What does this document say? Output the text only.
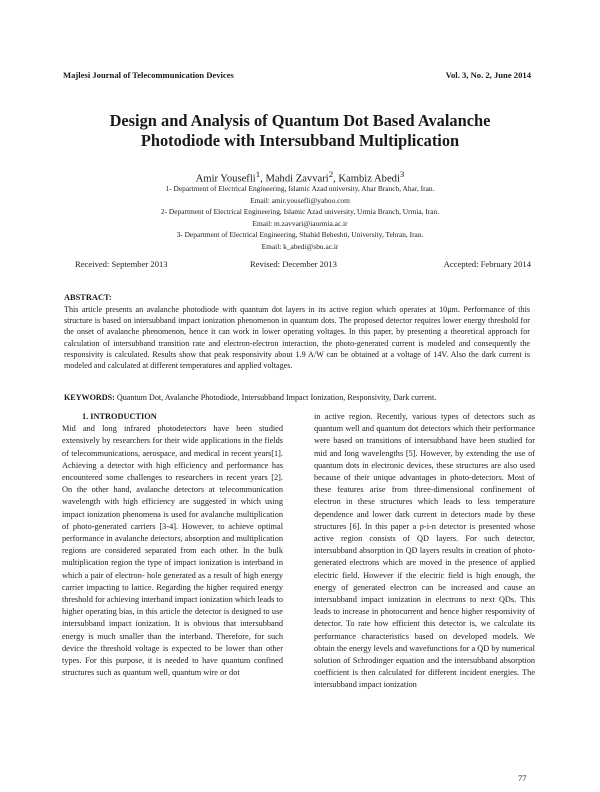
Majlesi Journal of Telecommunication Devices	Vol. 3, No. 2, June 2014
Design and Analysis of Quantum Dot Based Avalanche
Photodiode with Intersubband Multiplication
Amir Yousefli$^1$, Mahdi Zavvari$^2$, Kambiz Abedi$^3$
1- Department of Electrical Engineering, Islamic Azad university, Ahar Branch, Ahar, Iran.
Email: amir.yousefli@yahoo.com
2- Department of Electrical Engineering, Islamic Azad university, Urmia Branch, Urmia, Iran.
Email: m.zavvari@iaurmia.ac.ir
3- Department of Electrical Engineering, Shahid Beheshti, University, Tehran, Iran.
Email: k_abedi@sbu.ac.ir
Received: September 2013	Revised: December 2013	Accepted: February 2014
ABSTRACT:
This article presents an avalanche photodiode with quantum dot layers in its active region which operates at 10μm. Performance of this structure is based on intersubband impact ionization phenomenon in quantum dots. The proposed detector requires lower energy threshold for the onset of avalanche phenomenon, hence it can work in lower operating voltages. In this paper, by presenting a theoretical approach for calculation of intersubband transition rate and electron-electron interaction, the photo-generated current is modeled and consequently the responsivity is calculated. Results show that peak responsivity about 1.9 A/W can be obtained at a voltage of 14V. Also the dark current is modeled and calculated at different temperatures and applied voltages.
KEYWORDS: Quantum Dot, Avalanche Photodiode, Intersubband Impact Ionization, Responsivity, Dark current.
1. INTRODUCTION
Mid and long infrared photodetectors have been studied extensively by researchers for their wide applications in the fields of telecommunications, aerospace, and medical in recent years[1]. Achieving a detector with high efficiency and performance has encountered some challenges to researchers in recent years [2]. On the other hand, avalanche detectors at telecommunication wavelength with high efficiency are suggested in which using impact ionization phenomena is used for avalanche multiplication of photo-generated carriers [3-4]. However, to achieve optimal performance in avalanche detectors, absorption and multiplication regions are considered separated from each other. In the bulk multiplication region the type of impact ionization is interband in which a pair of electron- hole generated as a result of high energy carrier impacting to lattice. Regarding the higher required energy threshold for achieving interband impact ionization which leads to higher operating bias, in this article the detector is designed to use intersubband impact ionization. It is obvious that intersubband energy is much smaller than the interband. Therefore, for such device the threshold voltage is expected to be lower than other types. For this purpose, it is needed to have quantum confined structures such as quantum well, quantum wire or dot
in active region. Recently, various types of detectors such as quantum well and quantum dot detectors which their performance were based on transitions of intersubband have been studied for mid and long wavelengths [5]. However, by extending the use of quantum dots in electronic devices, these structures are also used because of their unique advantages in photo-detectors. Most of these features arise from three-dimensional confinement of electron in these structures which leads to less temperature dependence and lower dark current in detectors made by these structures [6]. In this paper a p-i-n detector is presented whose active region consists of QD layers. For such detector, intersubband absorption in QD layers results in creation of photo-generated electrons which are moved in the presence of applied electric field. However if the electric field is high enough, the energy of generated electron can be increased and cause an intersubband impact ionization in electrons to next QDs. This leads to increase in photocurrent and hence higher responsivity of detector. To rate how efficient this detector is, we calculate its performance characteristics based on developed models. We obtain the energy levels and wavefunctions for a QD by numerical solution of Schrodinger equation and the intersubband absorption coefficient is then calculated for different incident energies. The intersubband impact ionization
77
